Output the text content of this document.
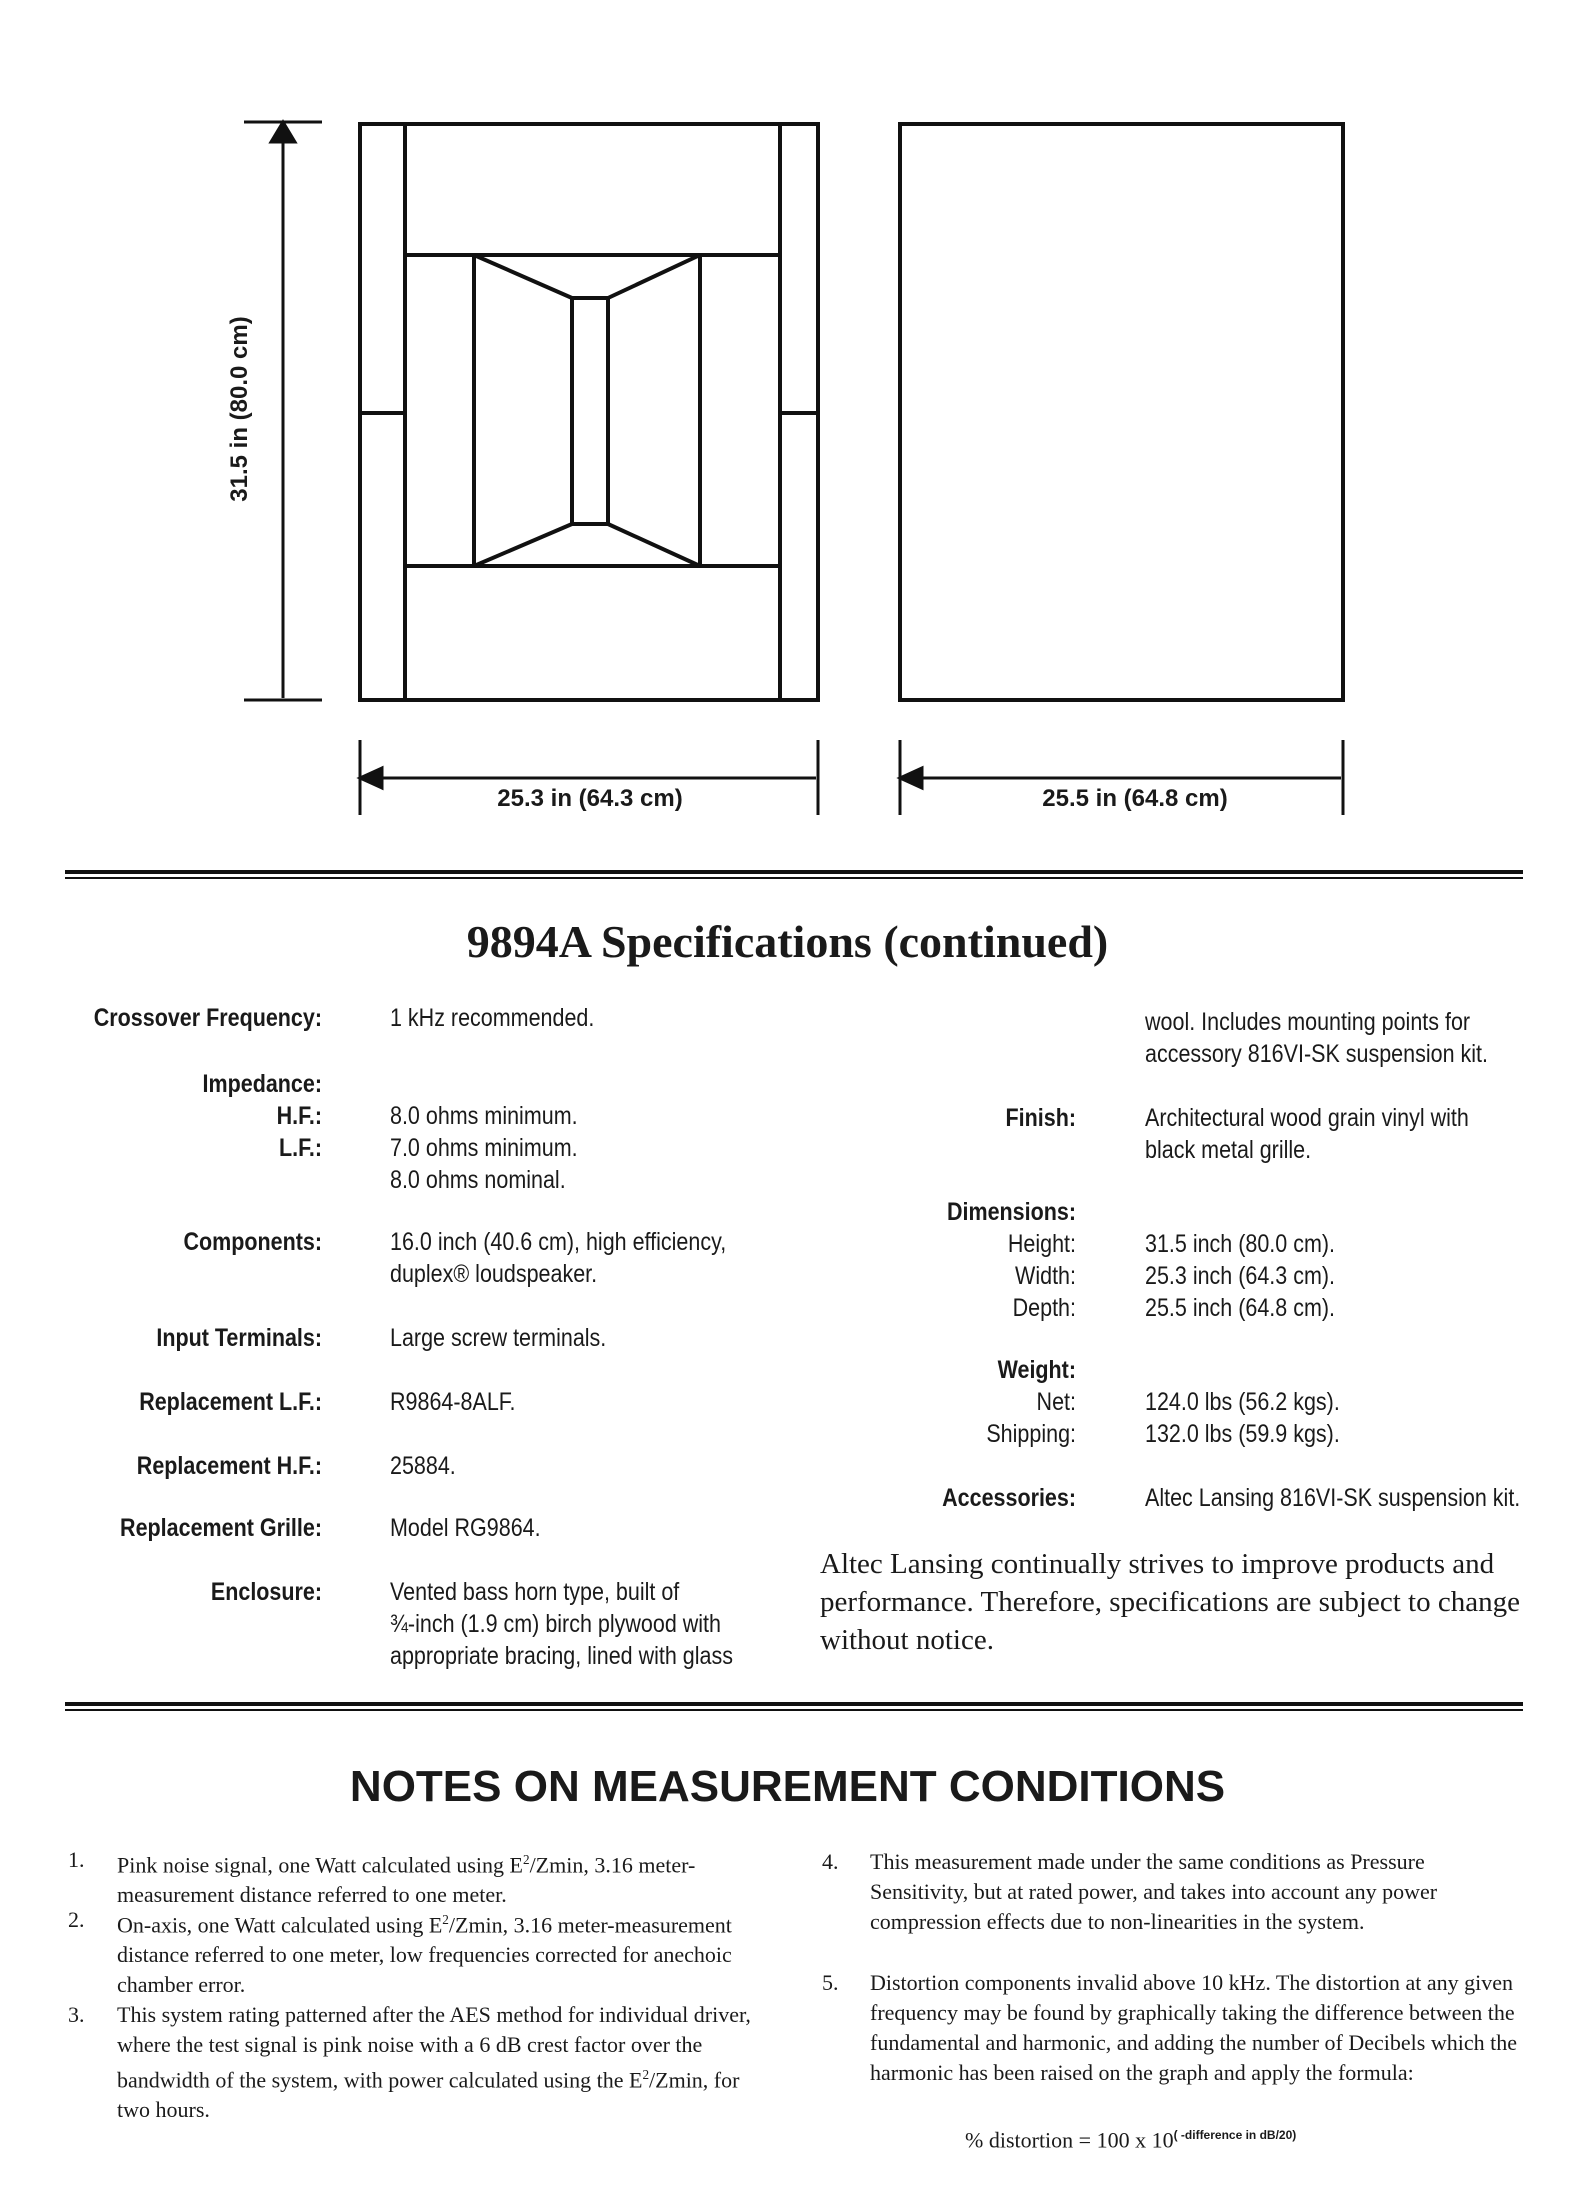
31.5 in (80.0 cm)
25.3 in (64.3 cm)	25.5 in (64.8 cm)
9894A Specifications (continued)
Crossover Frequency:	1 kHz recommended.
Impedance:
H.F.:	8.0 ohms minimum.
L.F.:	7.0 ohms minimum.
8.0 ohms nominal.
Components:	16.0 inch (40.6 cm), high efficiency,
duplex® loudspeaker.
Input Terminals:	Large screw terminals.
Replacement L.F.:	R9864-8ALF.
Replacement H.F.:	25884.
Replacement Grille:	Model RG9864.
Enclosure:	Vented bass horn type, built of
¾-inch (1.9 cm) birch plywood with
appropriate bracing, lined with glass
wool. Includes mounting points for
accessory 816VI-SK suspension kit.
Finish:	Architectural wood grain vinyl with
black metal grille.
Dimensions:
Height:	31.5 inch (80.0 cm).
Width:	25.3 inch (64.3 cm).
Depth:	25.5 inch (64.8 cm).
Weight:
Net:	124.0 lbs (56.2 kgs).
Shipping:	132.0 lbs (59.9 kgs).
Accessories:	Altec Lansing 816VI-SK suspension kit.
Altec Lansing continually strives to improve products and performance. Therefore, specifications are subject to change without notice.
NOTES ON MEASUREMENT CONDITIONS
1. Pink noise signal, one Watt calculated using $E^2$/Zmin, 3.16 meter-measurement distance referred to one meter.
2. On-axis, one Watt calculated using $E^2$/Zmin, 3.16 meter-measurement distance referred to one meter, low frequencies corrected for anechoic chamber error.
3. This system rating patterned after the AES method for individual driver, where the test signal is pink noise with a 6 dB crest factor over the bandwidth of the system, with power calculated using the $E^2$/Zmin, for two hours.
4. This measurement made under the same conditions as Pressure Sensitivity, but at rated power, and takes into account any power compression effects due to non-linearities in the system.
5. Distortion components invalid above 10 kHz. The distortion at any given frequency may be found by graphically taking the difference between the fundamental and harmonic, and adding the number of Decibels which the harmonic has been raised on the graph and apply the formula:
% distortion = 100 x $10^{( -difference in dB/20)}$
